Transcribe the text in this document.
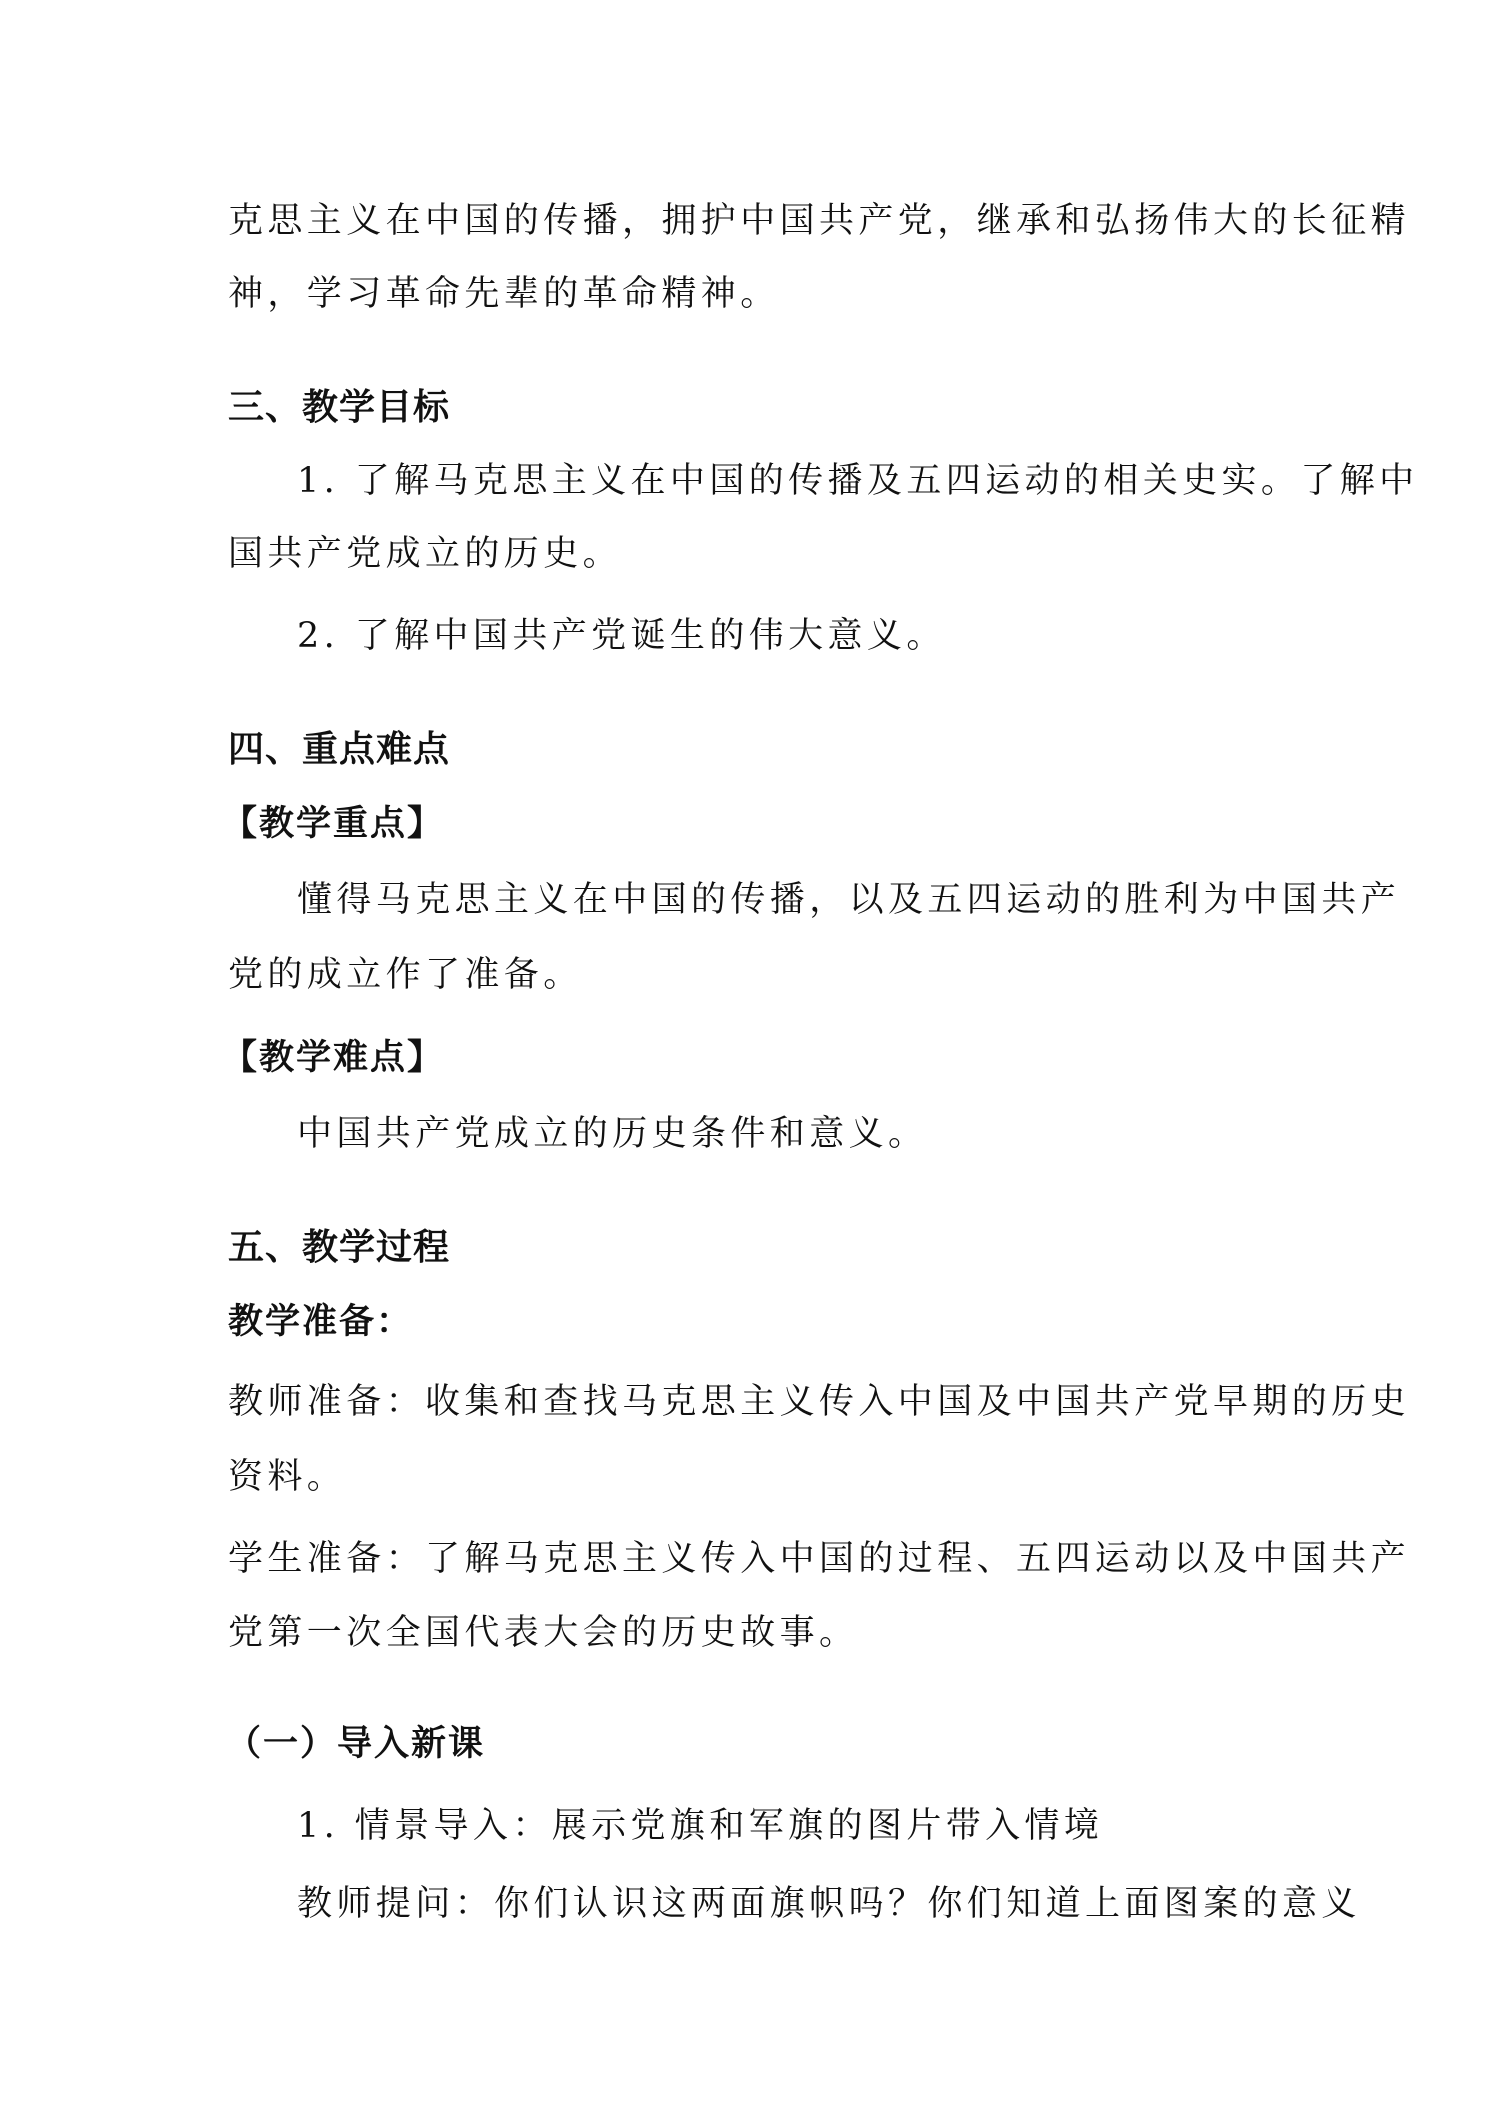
克思主义在中国的传播，拥护中国共产党，继承和弘扬伟大的长征精
神，学习革命先辈的革命精神。
三、教学目标
1. 了解马克思主义在中国的传播及五四运动的相关史实。了解中
国共产党成立的历史。
2. 了解中国共产党诞生的伟大意义。
四、重点难点
【教学重点】
懂得马克思主义在中国的传播，以及五四运动的胜利为中国共产
党的成立作了准备。
【教学难点】
中国共产党成立的历史条件和意义。
五、教学过程
教学准备：
教师准备：收集和查找马克思主义传入中国及中国共产党早期的历史
资料。
学生准备：了解马克思主义传入中国的过程、五四运动以及中国共产
党第一次全国代表大会的历史故事。
（一）导入新课
1. 情景导入：展示党旗和军旗的图片带入情境
教师提问：你们认识这两面旗帜吗？你们知道上面图案的意义
